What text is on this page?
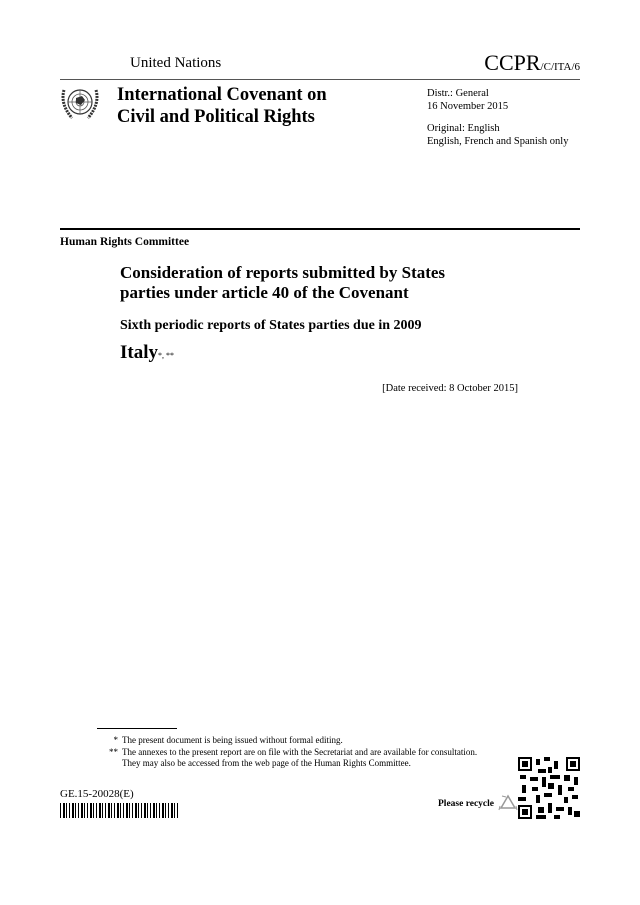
United Nations	CCPR/C/ITA/6
International Covenant on
Civil and Political Rights
Distr.: General
16 November 2015
Original: English
English, French and Spanish only
Human Rights Committee
Consideration of reports submitted by States
parties under article 40 of the Covenant
Sixth periodic reports of States parties due in 2009
Italy*, **
[Date received: 8 October 2015]
* The present document is being issued without formal editing.
** The annexes to the present report are on file with the Secretariat and are available for consultation.
They may also be accessed from the web page of the Human Rights Committee.
GE.15-20028(E)
Please recycle
